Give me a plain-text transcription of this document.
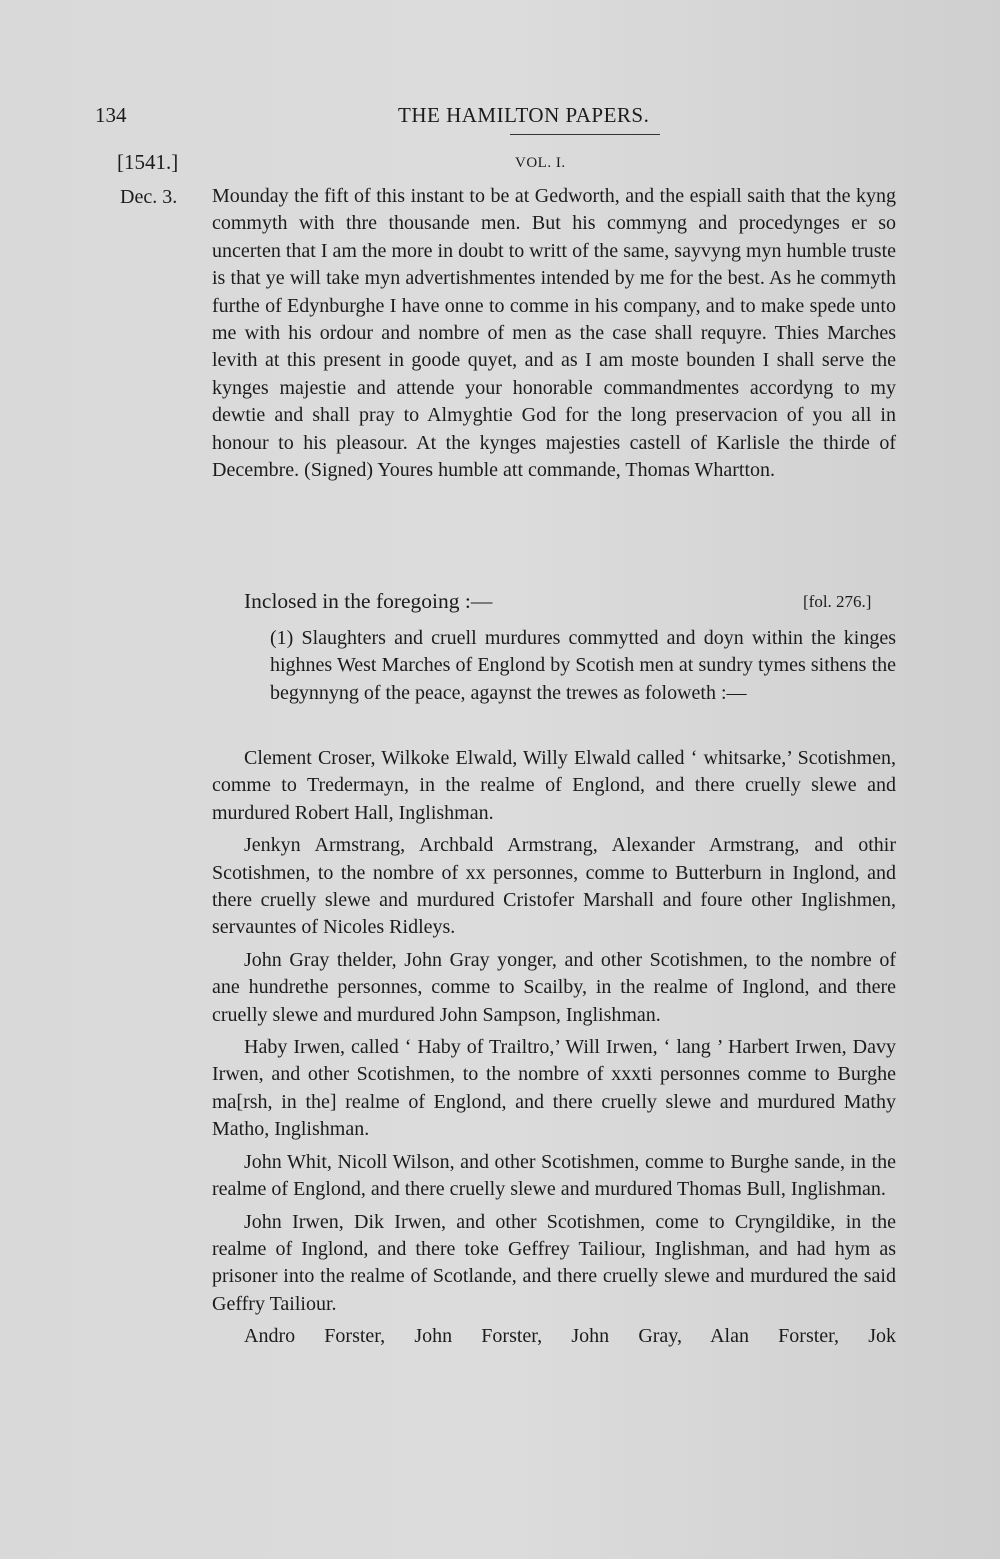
134	THE HAMILTON PAPERS.
[1541.]	VOL. I.
Dec. 3. Mounday the fift of this instant to be at Gedworth, and the espiall saith that the kyng commyth with thre thousande men. But his commyng and procedynges er so uncerten that I am the more in doubt to writt of the same, sayvyng myn humble truste is that ye will take myn advertishmentes intended by me for the best. As he commyth furthe of Edynburghe I have onne to comme in his company, and to make spede unto me with his ordour and nombre of men as the case shall requyre. Thies Marches levith at this present in goode quyet, and as I am moste bounden I shall serve the kynges majestie and attende your honorable commandmentes accordyng to my dewtie and shall pray to Almyghtie God for the long preservacion of you all in honour to his pleasour. At the kynges majesties castell of Karlisle the thirde of Decembre. (Signed) Youres humble att commande, Thomas Whartton.

Inclosed in the foregoing :—	[fol. 276.]

(1) Slaughters and cruell murdures commytted and doyn within the kinges highnes West Marches of Englond by Scotish men at sundry tymes sithens the begynnyng of the peace, agaynst the trewes as foloweth :—

Clement Croser, Wilkoke Elwald, Willy Elwald called ‘ whitsarke,’ Scotishmen, comme to Tredermayn, in the realme of Englond, and there cruelly slewe and murdured Robert Hall, Inglishman.

Jenkyn Armstrang, Archbald Armstrang, Alexander Armstrang, and othir Scotishmen, to the nombre of xx personnes, comme to Butterburn in Inglond, and there cruelly slewe and murdured Cristofer Marshall and foure other Inglishmen, servauntes of Nicoles Ridleys.

John Gray thelder, John Gray yonger, and other Scotishmen, to the nombre of ane hundrethe personnes, comme to Scailby, in the realme of Inglond, and there cruelly slewe and murdured John Sampson, Inglishman.

Haby Irwen, called ‘ Haby of Trailtro,’ Will Irwen, ‘ lang ’ Harbert Irwen, Davy Irwen, and other Scotishmen, to the nombre of xxxti personnes comme to Burghe ma[rsh, in the] realme of Englond, and there cruelly slewe and murdured Mathy Matho, Inglishman.

John Whit, Nicoll Wilson, and other Scotishmen, comme to Burghe sande, in the realme of Englond, and there cruelly slewe and murdured Thomas Bull, Inglishman.

John Irwen, Dik Irwen, and other Scotishmen, come to Cryngildike, in the realme of Inglond, and there toke Geffrey Tailiour, Inglishman, and had hym as prisoner into the realme of Scotlande, and there cruelly slewe and murdured the said Geffry Tailiour.

Andro Forster, John Forster, John Gray, Alan Forster, Jok
